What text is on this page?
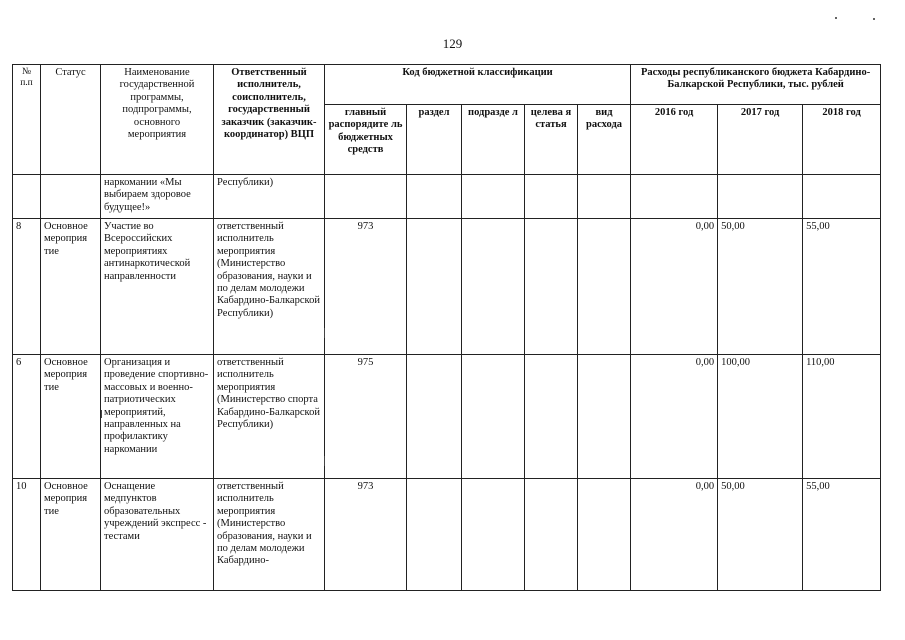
129
№ п.п	Статус	Наименование государственной программы, подпрограммы, основного мероприятия	Ответственный исполнитель, соисполнитель, государственный заказчик (заказчик-координатор) ВЦП	Код бюджетной классификации					Расходы республиканского бюджета Кабардино-Балкарской Республики, тыс. рублей		
				главный распорядите ль бюджетных средств	раздел	подразде л	целева я статья	вид расхода	2016 год	2017 год	2018 год
		наркомании «Мы выбираем здоровое будущее!»	Республики)								
8	Основное мероприя тие	Участие во Всероссийских мероприятиях антинаркотической направленности	ответственный исполнитель мероприятия (Министерство образования, науки и по делам молодежи Кабардино-Балкарской Республики)	973					0,00	50,00	55,00
6	Основное мероприя тие	Организация и проведение спортивно-массовых и военно-патриотических мероприятий, направленных на профилактику наркомании	ответственный исполнитель мероприятия (Министерство спорта Кабардино-Балкарской Республики)	975					0,00	100,00	110,00
10	Основное мероприя тие	Оснащение медпунктов образовательных учреждений экспресс - тестами	ответственный исполнитель мероприятия (Министерство образования, науки и по делам молодежи Кабардино-	973					0,00	50,00	55,00
